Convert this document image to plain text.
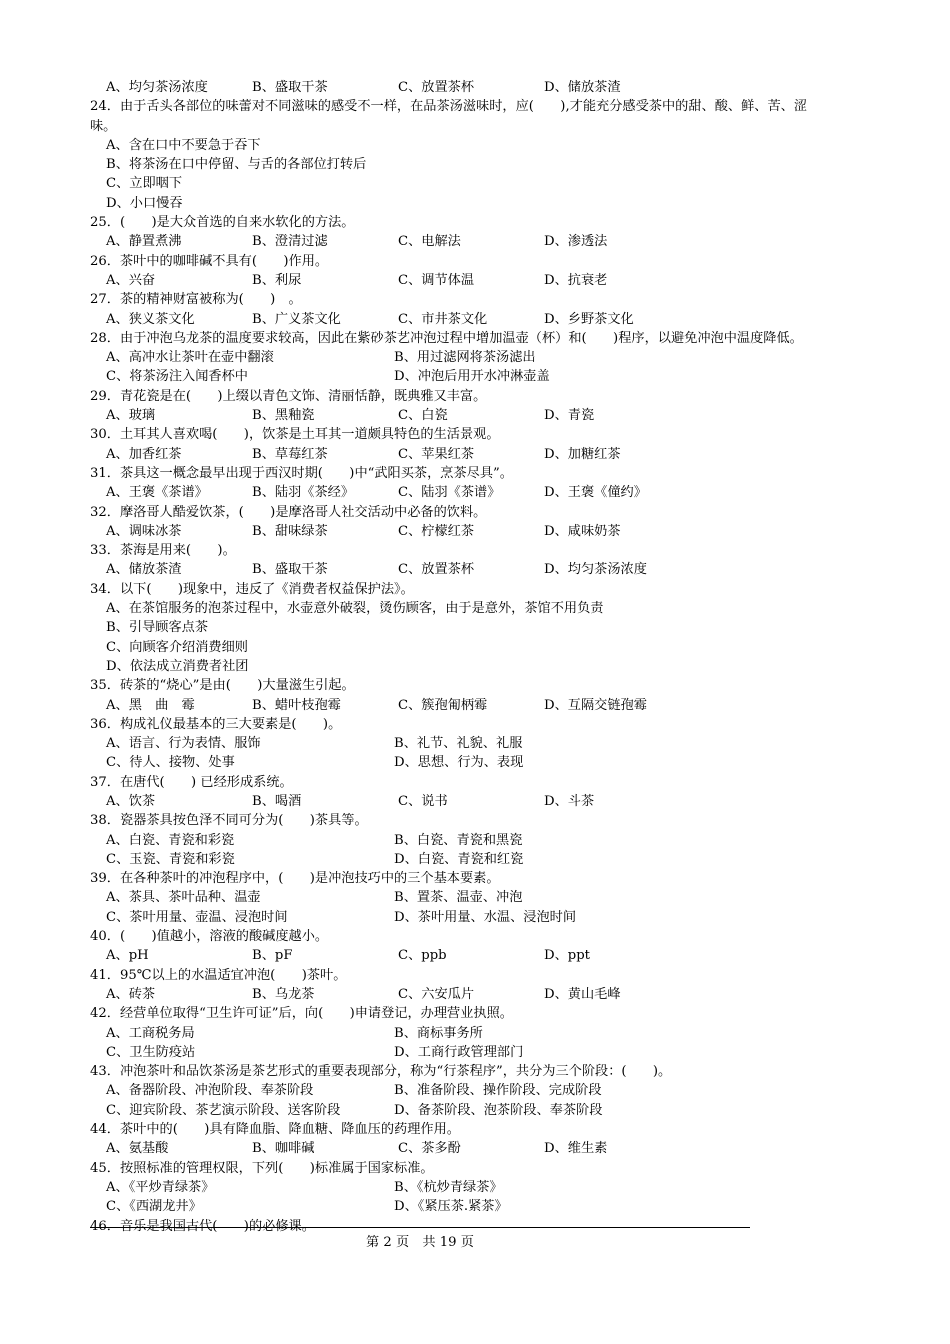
A、均匀茶汤浓度	B、盛取干茶	C、放置茶杯	D、储放茶渣
24．由于舌头各部位的味蕾对不同滋味的感受不一样，在品茶汤滋味时，应(　　),才能充分感受茶中的甜、酸、鲜、苦、涩
味。
A、含在口中不要急于吞下
B、将茶汤在口中停留、与舌的各部位打转后
C、立即咽下
D、小口慢吞
25．(　　)是大众首选的自来水软化的方法。
A、静置煮沸	B、澄清过滤	C、电解法	D、渗透法
26．茶叶中的咖啡碱不具有(　　)作用。
A、兴奋	B、利尿	C、调节体温	D、抗衰老
27．茶的精神财富被称为(　　)　。
A、狭义茶文化	B、广义茶文化	C、市井茶文化	D、乡野茶文化
28．由于冲泡乌龙茶的温度要求较高，因此在紫砂茶艺冲泡过程中增加温壶（杯）和(　　)程序，以避免冲泡中温度降低。
A、高冲水让茶叶在壶中翻滚	B、用过滤网将茶汤滤出
C、将茶汤注入闻香杯中	D、冲泡后用开水冲淋壶盖
29．青花瓷是在(　　)上缀以青色文饰、清丽恬静，既典雅又丰富。
A、玻璃	B、黑釉瓷	C、白瓷	D、青瓷
30．土耳其人喜欢喝(　　)，饮茶是土耳其一道颇具特色的生活景观。
A、加香红茶	B、草莓红茶	C、苹果红茶	D、加糖红茶
31．茶具这一概念最早出现于西汉时期(　　)中“武阳买茶，烹茶尽具”。
A、王褒《茶谱》	B、陆羽《茶经》	C、陆羽《茶谱》	D、王褒《僮约》
32．摩洛哥人酷爱饮茶，(　　)是摩洛哥人社交活动中必备的饮料。
A、调味冰茶	B、甜味绿茶	C、柠檬红茶	D、咸味奶茶
33．茶海是用来(　　)。
A、储放茶渣	B、盛取干茶	C、放置茶杯	D、均匀茶汤浓度
34．以下(　　)现象中，违反了《消费者权益保护法》。
A、在茶馆服务的泡茶过程中，水壶意外破裂，烫伤顾客，由于是意外，茶馆不用负责
B、引导顾客点茶
C、向顾客介绍消费细则
D、依法成立消费者社团
35．砖茶的“烧心”是由(　　)大量滋生引起。
A、黑　曲　霉	B、蜡叶枝孢霉	C、簇孢匍柄霉	D、互隔交链孢霉
36．构成礼仪最基本的三大要素是(　　)。
A、语言、行为表情、服饰	B、礼节、礼貌、礼服
C、待人、接物、处事	D、思想、行为、表现
37．在唐代(　　) 已经形成系统。
A、饮茶	B、喝酒	C、说书	D、斗茶
38．瓷器茶具按色泽不同可分为(　　)茶具等。
A、白瓷、青瓷和彩瓷	B、白瓷、青瓷和黑瓷
C、玉瓷、青瓷和彩瓷	D、白瓷、青瓷和红瓷
39．在各种茶叶的冲泡程序中，(　　)是冲泡技巧中的三个基本要素。
A、茶具、茶叶品种、温壶	B、置茶、温壶、冲泡
C、茶叶用量、壶温、浸泡时间	D、茶叶用量、水温、浸泡时间
40．(　　)值越小，溶液的酸碱度越小。
A、pH	B、pF	C、ppb	D、ppt
41．95℃以上的水温适宜冲泡(　　)茶叶。
A、砖茶	B、乌龙茶	C、六安瓜片	D、黄山毛峰
42．经营单位取得“卫生许可证”后，向(　　)申请登记，办理营业执照。
A、工商税务局	B、商标事务所
C、卫生防疫站	D、工商行政管理部门
43．冲泡茶叶和品饮茶汤是茶艺形式的重要表现部分，称为“行茶程序”，共分为三个阶段：(　　)。
A、备器阶段、冲泡阶段、奉茶阶段	B、准备阶段、操作阶段、完成阶段
C、迎宾阶段、茶艺演示阶段、送客阶段	D、备茶阶段、泡茶阶段、奉茶阶段
44．茶叶中的(　　)具有降血脂、降血糖、降血压的药理作用。
A、氨基酸	B、咖啡碱	C、茶多酚	D、维生素
45．按照标准的管理权限，下列(　　)标准属于国家标准。
A、《平炒青绿茶》	B、《杭炒青绿茶》
C、《西湖龙井》	D、《紧压茶.紧茶》
46．音乐是我国古代(　　)的必修课。
第 2 页　共 19 页
